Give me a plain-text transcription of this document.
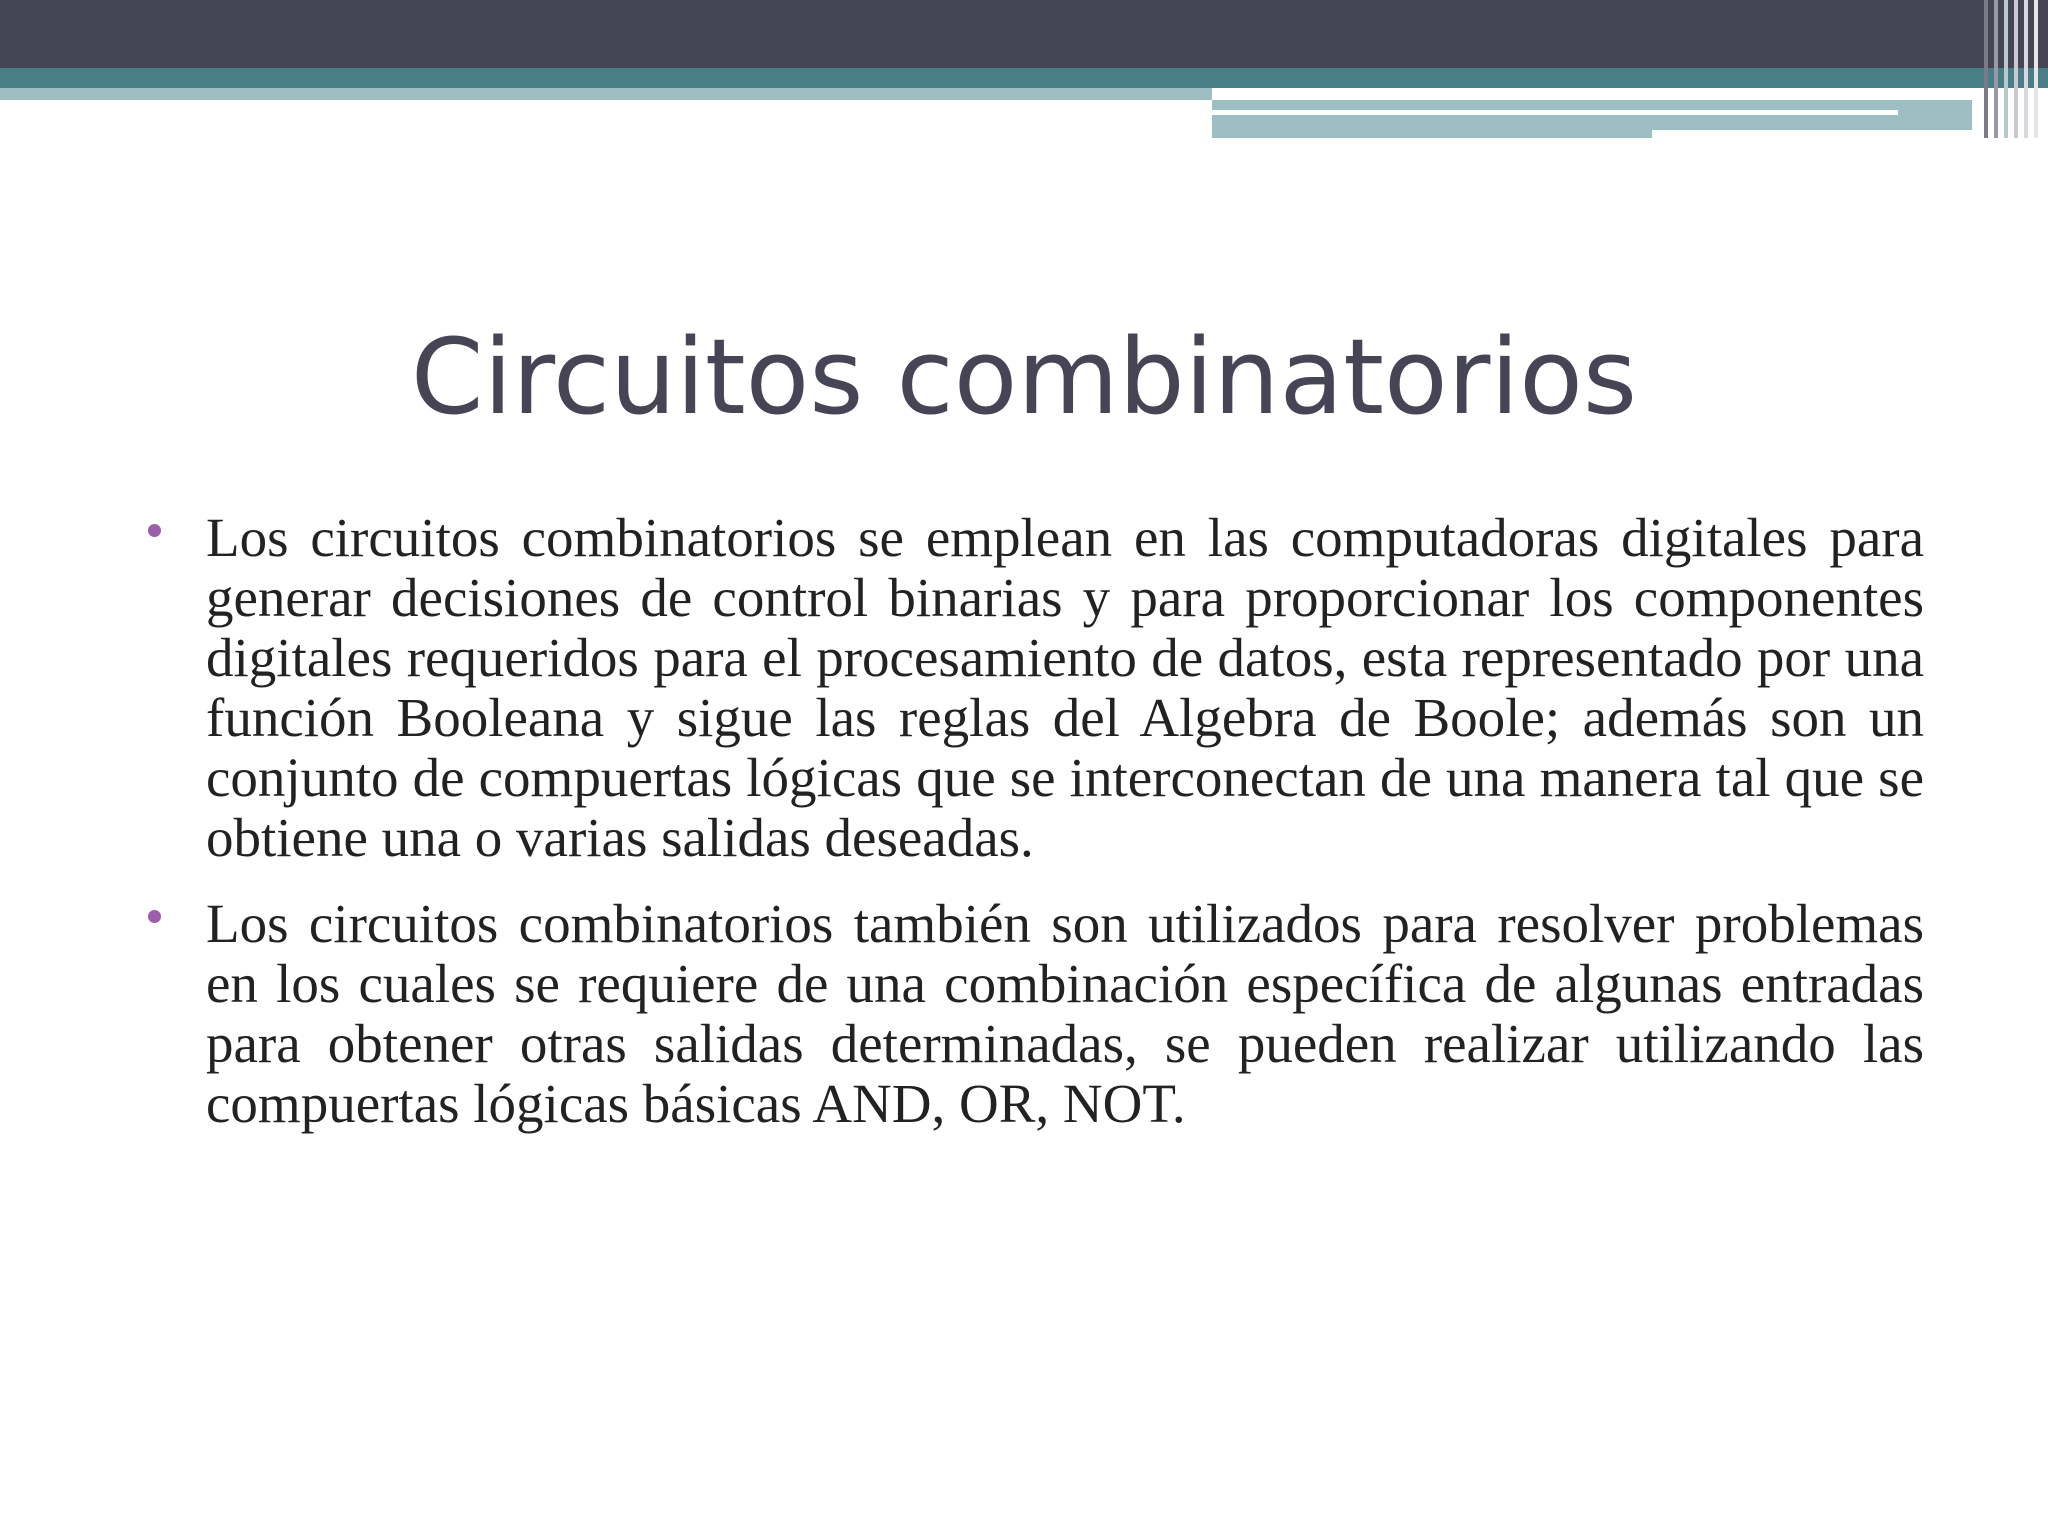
Circuitos combinatorios
Los circuitos combinatorios se emplean en las computadoras digitales para generar decisiones de control binarias y para proporcionar los componentes digitales requeridos para el procesamiento de datos, esta representado por una función Booleana y sigue las reglas del Algebra de Boole; además son un conjunto de compuertas lógicas que se interconectan de una manera tal que se obtiene una o varias salidas deseadas.
Los circuitos combinatorios también son utilizados para resolver problemas en los cuales se requiere de una combinación específica de algunas entradas para obtener otras salidas determinadas, se pueden realizar utilizando las compuertas lógicas básicas AND, OR, NOT.
